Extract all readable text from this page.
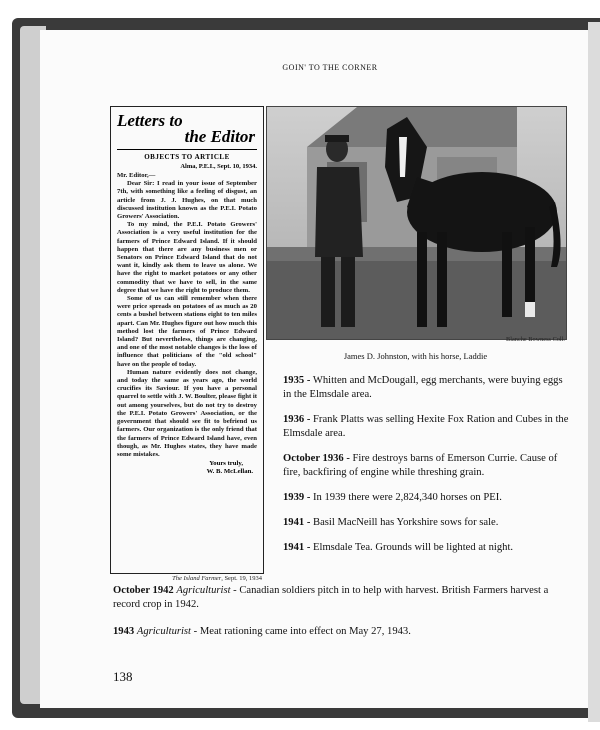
GOIN' TO THE CORNER
Letters to
the Editor
OBJECTS TO ARTICLE
Alma, P.E.I., Sept. 10, 1934.

Mr. Editor,—

Dear Sir: I read in your issue of September 7th, with something like a feeling of disgust, an article from J. J. Hughes, on that much discussed institution known as the P.E.I. Potato Growers' Association.

To my mind, the P.E.I. Potato Growers' Association is a very useful institution for the farmers of Prince Edward Island. If it should happen that there are any business men or Senators on Prince Edward Island that do not want it, kindly ask them to leave us alone. We have the right to market potatoes or any other commodity that we have to sell, in the same degree that we have the right to produce them.

Some of us can still remember when there were price spreads on potatoes of as much as 20 cents a bushel between stations eight to ten miles apart. Can Mr. Hughes figure out how much this method lost the farmers of Prince Edward Island? But nevertheless, things are changing, and one of the most notable changes is the loss of influence that politicians of the "old school" have on the people of today.

Human nature evidently does not change, and today the same as years ago, the world crucifies its Saviour. If you have a personal quarrel to settle with J. W. Boulter, please fight it out among yourselves, but do not try to destroy the P.E.I. Potato Growers' Association, or the government that should see fit to befriend us farmers. Our organization is the only friend that the farmers of Prince Edward Island have, even though, as Mr. Hughes states, they have made some mistakes.

Yours truly,
W. B. McLellan.
The Island Farmer, Sept. 19, 1934
Blanche Bowness Coll.
James D. Johnston, with his horse, Laddie
1935 - Whitten and McDougall, egg merchants, were buying eggs in the Elmsdale area.
1936 - Frank Platts was selling Hexite Fox Ration and Cubes in the Elmsdale area.
October 1936 - Fire destroys barns of Emerson Currie. Cause of fire, backfiring of engine while threshing grain.
1939 - In 1939 there were 2,824,340 horses on PEI.
1941 - Basil MacNeill has Yorkshire sows for sale.
1941 - Elmsdale Tea. Grounds will be lighted at night.
October 1942 Agriculturist - Canadian soldiers pitch in to help with harvest. British Farmers harvest a record crop in 1942.
1943 Agriculturist - Meat rationing came into effect on May 27, 1943.
138
